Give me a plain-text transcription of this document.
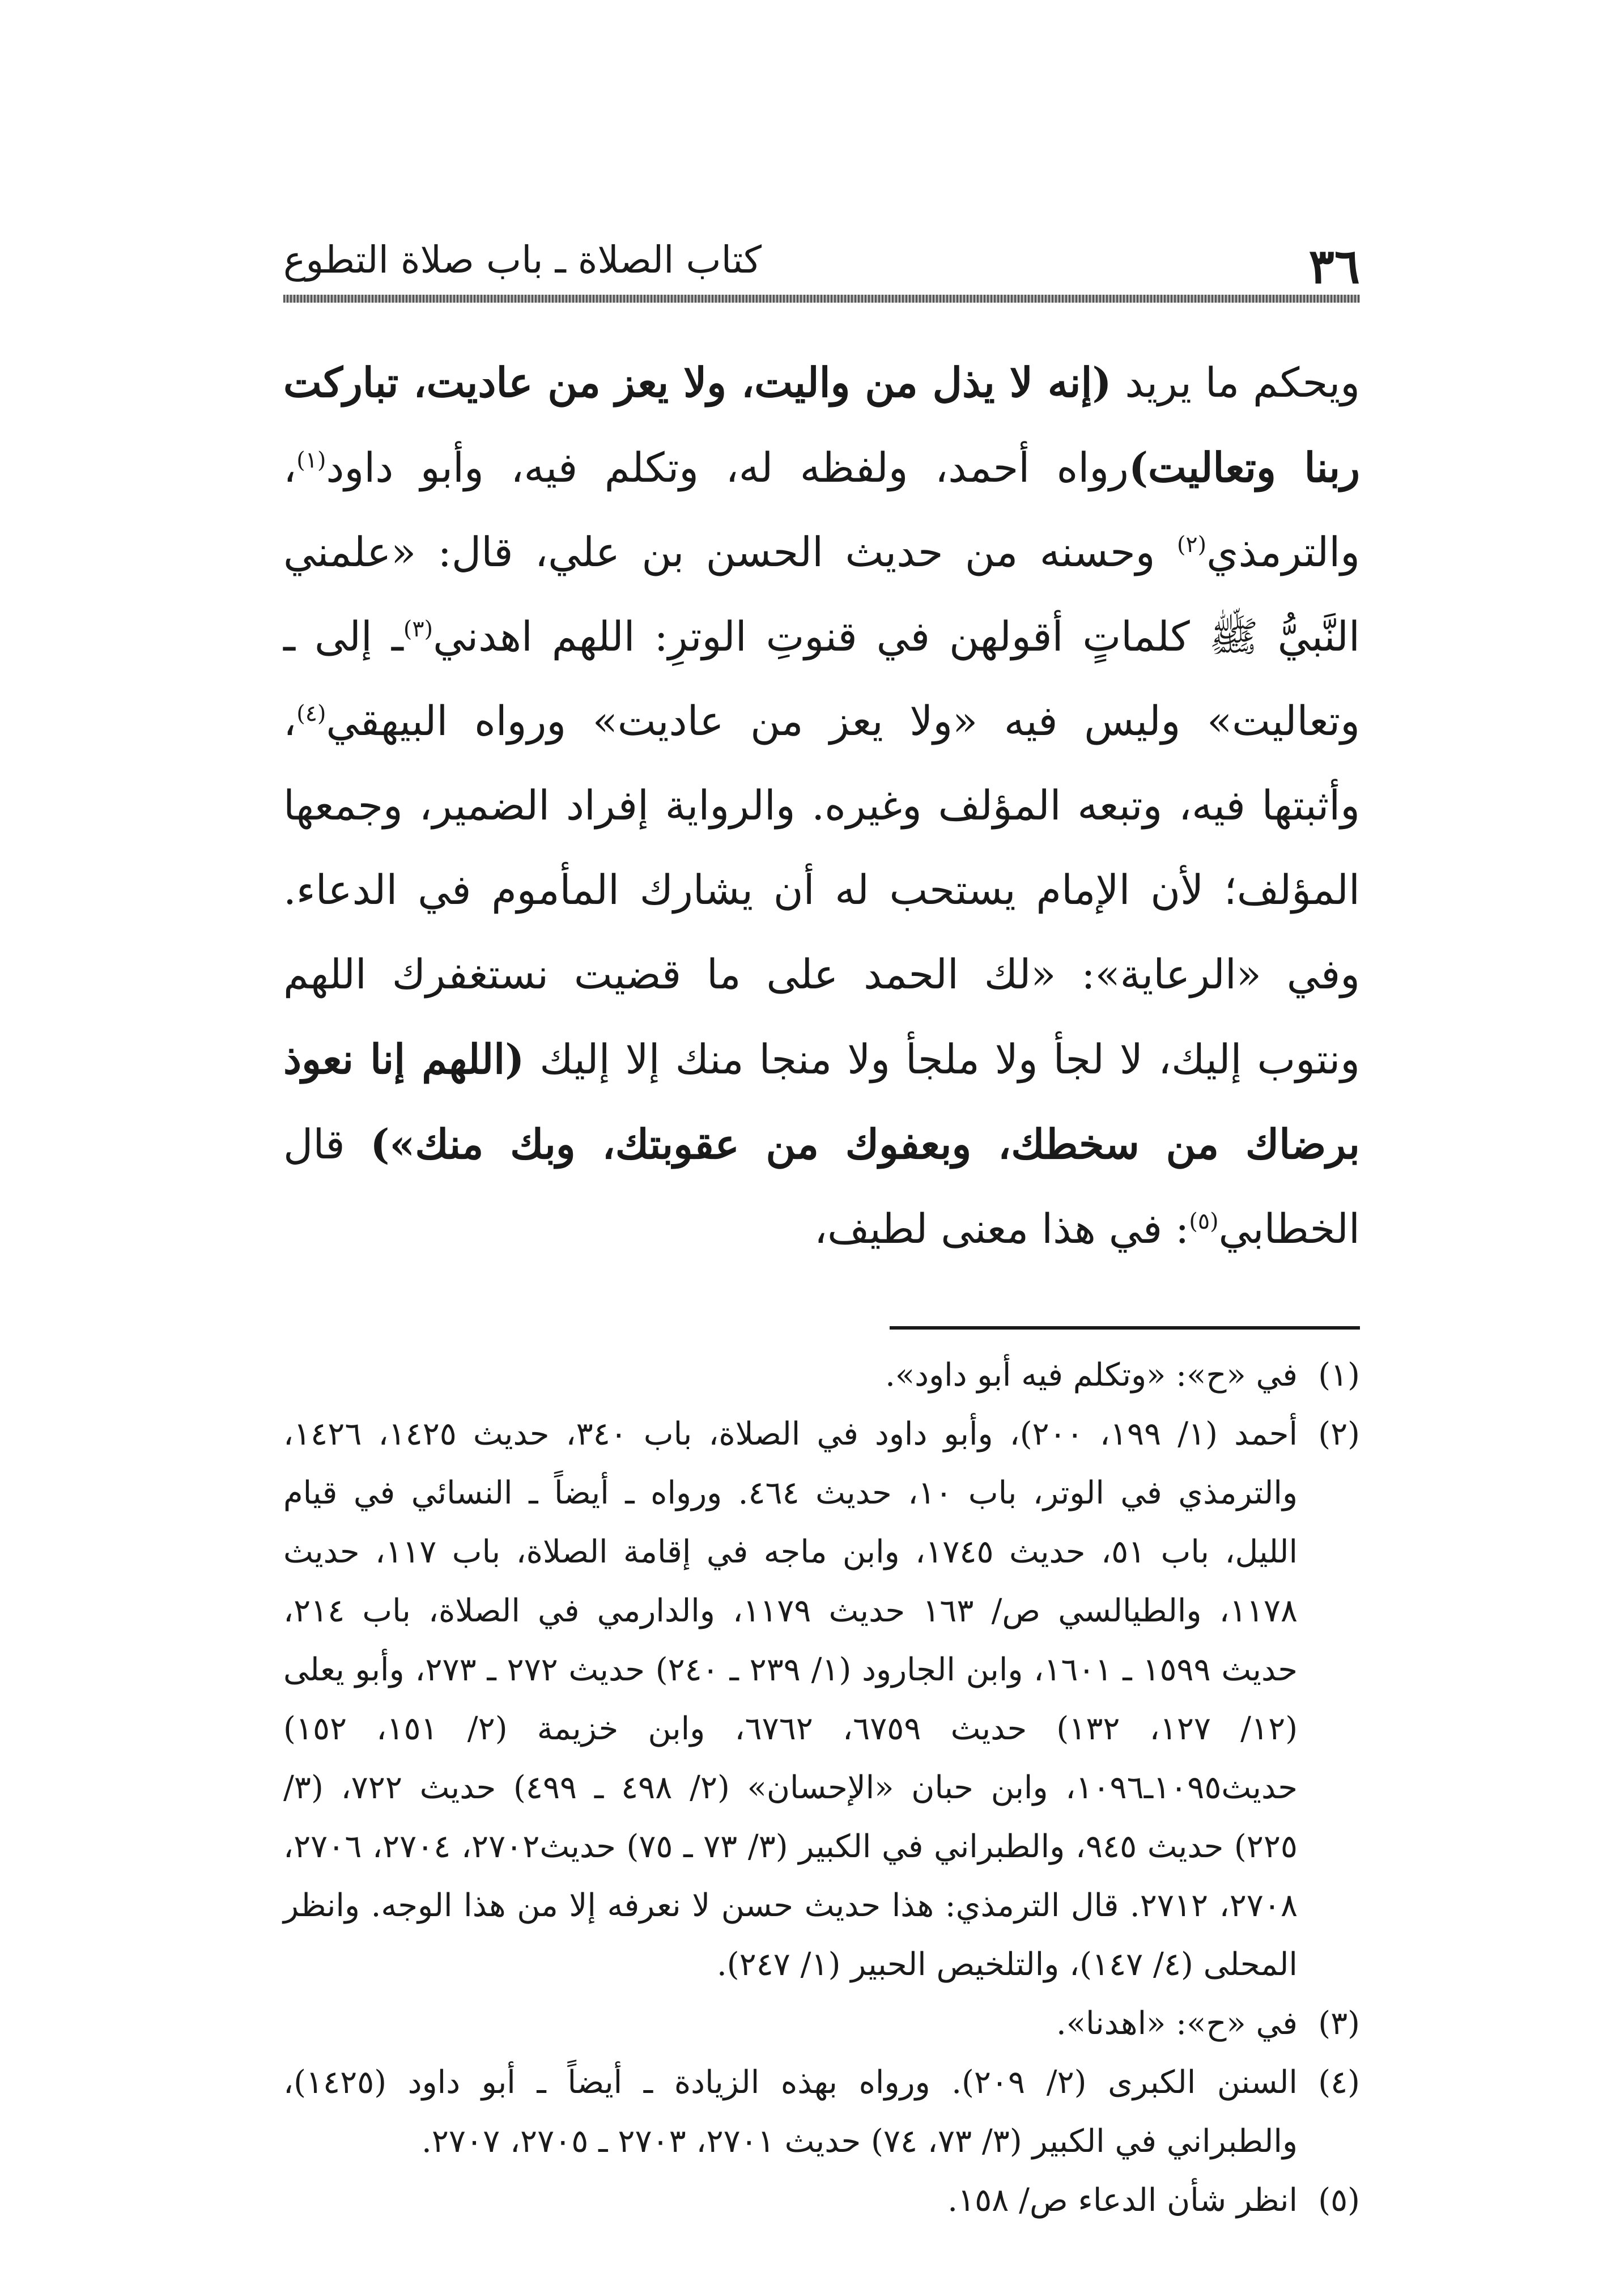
٣٦
كتاب الصلاة ـ باب صلاة التطوع

ويحكم ما يريد (إنه لا يذل من واليت، ولا يعز من عاديت، تباركت ربنا وتعاليت)رواه أحمد، ولفظه له، وتكلم فيه، وأبو داود$^{(١)}$، والترمذي$^{(٢)}$ وحسنه من حديث الحسن بن علي، قال: «علمني النَّبيُّ ﷺ كلماتٍ أقولهن في قنوتِ الوترِ: اللهم اهدني$^{(٣)}$ـ إلى ـ وتعاليت» وليس فيه «ولا يعز من عاديت» ورواه البيهقي$^{(٤)}$، وأثبتها فيه، وتبعه المؤلف وغيره. والرواية إفراد الضمير، وجمعها المؤلف؛ لأن الإمام يستحب له أن يشارك المأموم في الدعاء. وفي «الرعاية»: «لك الحمد على ما قضيت نستغفرك اللهم ونتوب إليك، لا لجأ ولا ملجأ ولا منجا منك إلا إليك (اللهم إنا نعوذ برضاك من سخطك، وبعفوك من عقوبتك، وبك منك») قال الخطابي$^{(٥)}$: في هذا معنى لطيف،

(١)
في «ح»: «وتكلم فيه أبو داود».
(٢)
أحمد (١/ ١٩٩، ٢٠٠)، وأبو داود في الصلاة، باب ٣٤٠، حديث ١٤٢٥، ١٤٢٦، والترمذي في الوتر، باب ١٠، حديث ٤٦٤. ورواه ـ أيضاً ـ النسائي في قيام الليل، باب ٥١، حديث ١٧٤٥، وابن ماجه في إقامة الصلاة، باب ١١٧، حديث ١١٧٨، والطيالسي ص/ ١٦٣ حديث ١١٧٩، والدارمي في الصلاة، باب ٢١٤، حديث ١٥٩٩ ـ ١٦٠١، وابن الجارود (١/ ٢٣٩ ـ ٢٤٠) حديث ٢٧٢ ـ ٢٧٣، وأبو يعلى (١٢/ ١٢٧، ١٣٢) حديث ٦٧٥٩، ٦٧٦٢، وابن خزيمة (٢/ ١٥١، ١٥٢) حديث١٠٩٥ـ١٠٩٦، وابن حبان «الإحسان» (٢/ ٤٩٨ ـ ٤٩٩) حديث ٧٢٢، (٣/ ٢٢٥) حديث ٩٤٥، والطبراني في الكبير (٣/ ٧٣ ـ ٧٥) حديث٢٧٠٢، ٢٧٠٤، ٢٧٠٦، ٢٧٠٨، ٢٧١٢. قال الترمذي: هذا حديث حسن لا نعرفه إلا من هذا الوجه. وانظر المحلى (٤/ ١٤٧)، والتلخيص الحبير (١/ ٢٤٧).
(٣)
في «ح»: «اهدنا».
(٤)
السنن الكبرى (٢/ ٢٠٩). ورواه بهذه الزيادة ـ أيضاً ـ أبو داود (١٤٢٥)، والطبراني في الكبير (٣/ ٧٣، ٧٤) حديث ٢٧٠١، ٢٧٠٣ ـ ٢٧٠٥، ٢٧٠٧.
(٥)
انظر شأن الدعاء ص/ ١٥٨.
